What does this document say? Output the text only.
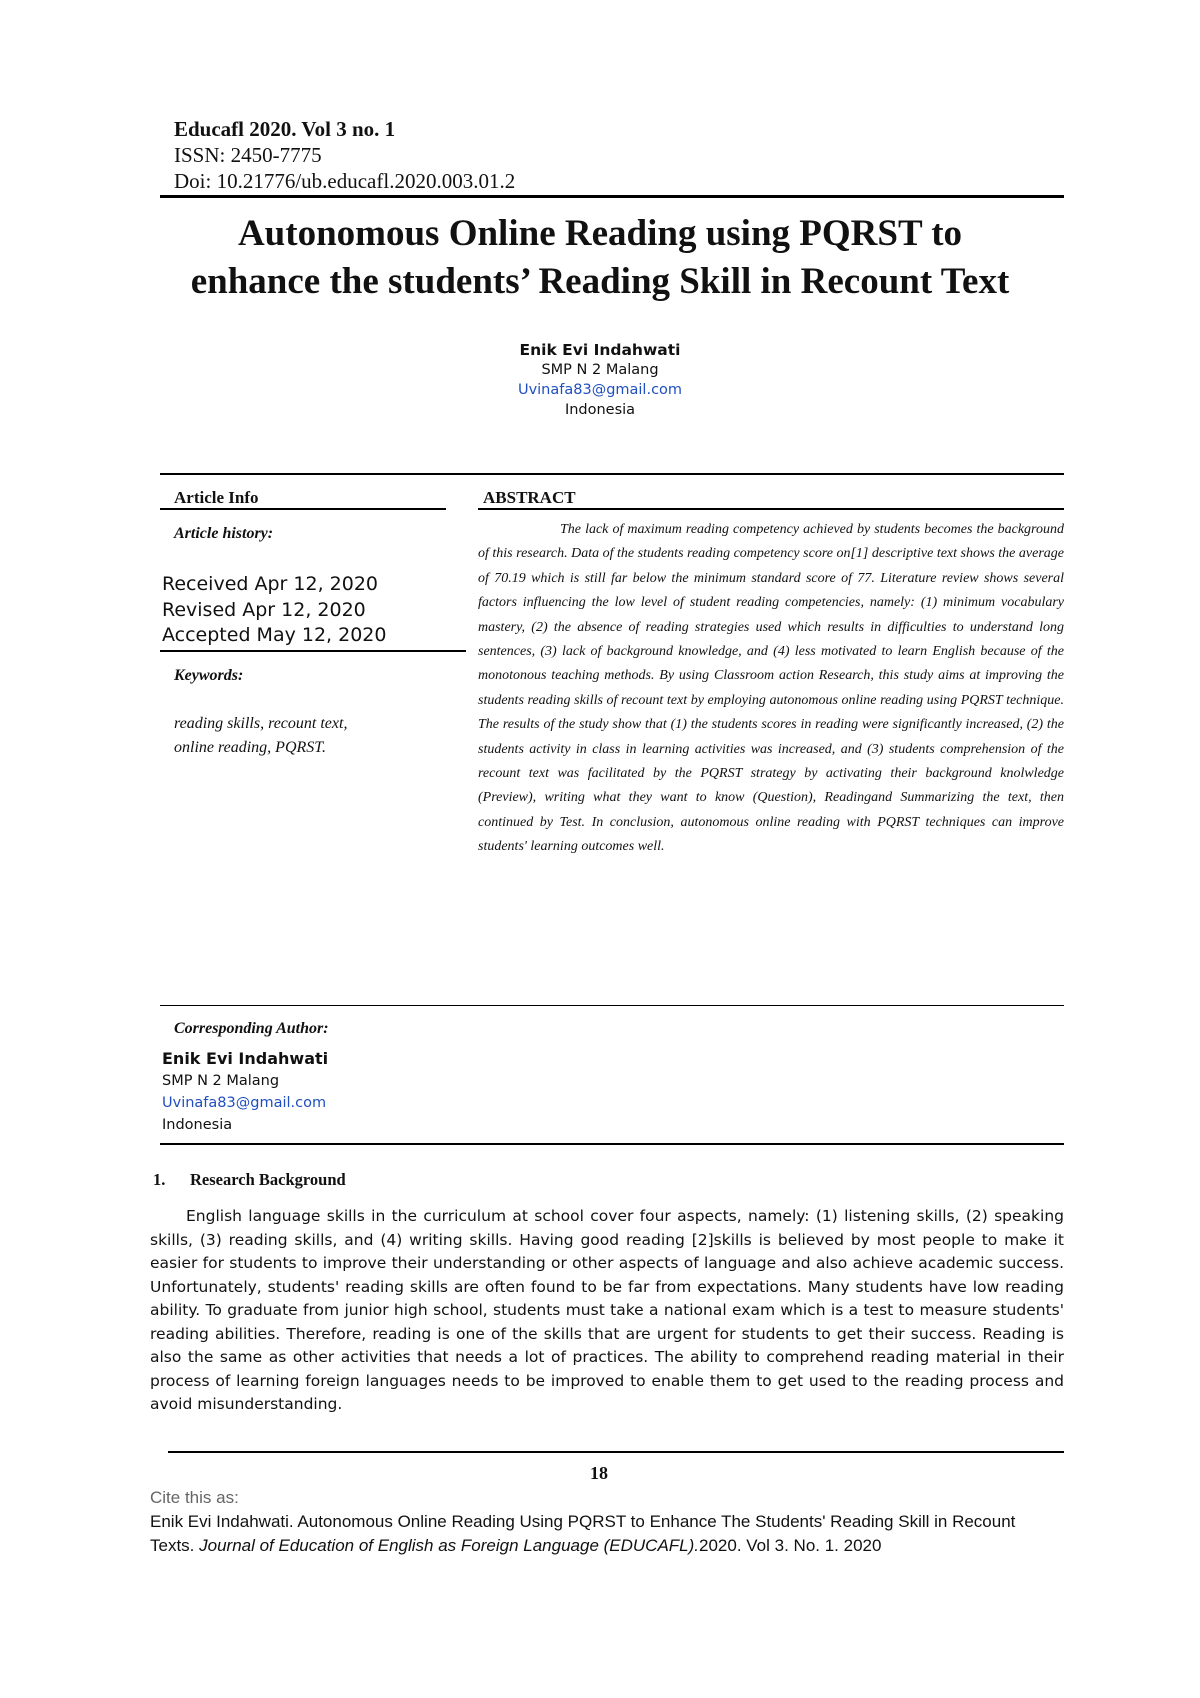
Educafl 2020. Vol 3 no. 1
ISSN: 2450-7775
Doi: 10.21776/ub.educafl.2020.003.01.2
Autonomous Online Reading using PQRST to
enhance the students’ Reading Skill in Recount Text
Enik Evi Indahwati
SMP N 2 Malang
Uvinafa83@gmail.com
Indonesia
Article Info	ABSTRACT
Article history:
Received Apr 12, 2020
Revised Apr 12, 2020
Accepted May 12, 2020
Keywords:
reading skills, recount text,
online reading, PQRST.
The lack of maximum reading competency achieved by students becomes the background of this research. Data of the students reading competency score on[1] descriptive text shows the average of 70.19 which is still far below the minimum standard score of 77. Literature review shows several factors influencing the low level of student reading competencies, namely: (1) minimum vocabulary mastery, (2) the absence of reading strategies used which results in difficulties to understand long sentences, (3) lack of background knowledge, and (4) less motivated to learn English because of the monotonous teaching methods. By using Classroom action Research, this study aims at improving the students reading skills of recount text by employing autonomous online reading using PQRST technique. The results of the study show that (1) the students scores in reading were significantly increased, (2) the students activity in class in learning activities was increased, and (3) students comprehension of the recount text was facilitated by the PQRST strategy by activating their background knolwledge (Preview), writing what they want to know (Question), Readingand Summarizing the text, then continued by Test. In conclusion, autonomous online reading with PQRST techniques can improve students' learning outcomes well.
Corresponding Author:
Enik Evi Indahwati
SMP N 2 Malang
Uvinafa83@gmail.com
Indonesia
1. Research Background
English language skills in the curriculum at school cover four aspects, namely: (1) listening skills, (2) speaking skills, (3) reading skills, and (4) writing skills. Having good reading [2]skills is believed by most people to make it easier for students to improve their understanding or other aspects of language and also achieve academic success. Unfortunately, students' reading skills are often found to be far from expectations. Many students have low reading ability. To graduate from junior high school, students must take a national exam which is a test to measure students' reading abilities. Therefore, reading is one of the skills that are urgent for students to get their success. Reading is also the same as other activities that needs a lot of practices. The ability to comprehend reading material in their process of learning foreign languages needs to be improved to enable them to get used to the reading process and avoid misunderstanding.
18
Cite this as:
Enik Evi Indahwati. Autonomous Online Reading Using PQRST to Enhance The Students' Reading Skill in Recount Texts. Journal of Education of English as Foreign Language (EDUCAFL).2020. Vol 3. No. 1. 2020
